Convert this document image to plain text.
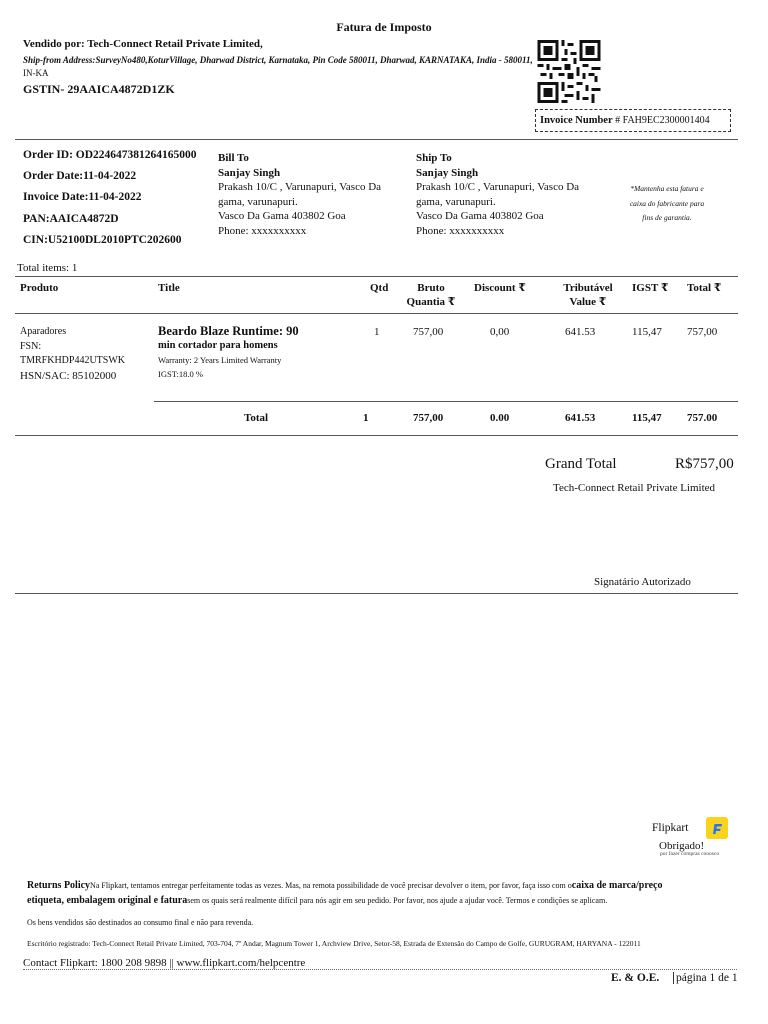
Fatura de Imposto
Vendido por: Tech-Connect Retail Private Limited,
Ship-from Address:SurveyNo480,KoturVillage, Dharwad District, Karnataka, Pin Code 580011, Dharwad, KARNATAKA, India - 580011,
IN-KA
GSTIN- 29AAICA4872D1ZK
Invoice Number # FAH9EC2300001404
Order ID: OD224647381264165000
Order Date:11-04-2022
Invoice Date:11-04-2022
PAN:AAICA4872D
CIN:U52100DL2010PTC202600
Bill To
Sanjay Singh
Prakash 10/C , Varunapuri, Vasco Da
gama, varunapuri.
Vasco Da Gama 403802 Goa
Phone: xxxxxxxxxx
Ship To
Sanjay Singh
Prakash 10/C , Varunapuri, Vasco Da
gama, varunapuri.
Vasco Da Gama 403802 Goa
Phone: xxxxxxxxxx
*Mantenha esta fatura e
caixa do fabricante para
fins de garantia.
Total items: 1
Produto	Title	Qtd	Bruto
Quantia ₹
Discount ₹	Tributável
Value ₹
IGST ₹ Total ₹
Aparadores
FSN:
TMRFKHDP442UTSWK
HSN/SAC: 85102000
Beardo Blaze Runtime: 90
min cortador para homens
Warranty: 2 Years Limited Warranty
IGST:18.0 %
1	757,00	0,00	641.53	115,47 757,00
Total	1	757,00	0.00	641.53	115,47 757.00
Grand Total	R$757,00
Tech-Connect Retail Private Limited
Signatário Autorizado
Flipkart
Obrigado!
por fazer compras conosco
Returns PolicyNa Flipkart, tentamos entregar perfeitamente todas as vezes. Mas, na remota possibilidade de você precisar devolver o item, por favor, faça isso com ocaixa de marca/preço
etiqueta, embalagem original e faturasem os quais será realmente difícil para nós agir em seu pedido. Por favor, nos ajude a ajudar você. Termos e condições se aplicam.
Os bens vendidos são destinados ao consumo final e não para revenda.
Escritório registrado: Tech-Connect Retail Private Limited, 703-704, 7º Andar, Magnum Tower 1, Archview Drive, Setor-58, Estrada de Extensão do Campo de Golfe, GURUGRAM, HARYANA - 122011
Contact Flipkart: 1800 208 9898 || www.flipkart.com/helpcentre
E. & O.E. página 1 de 1
